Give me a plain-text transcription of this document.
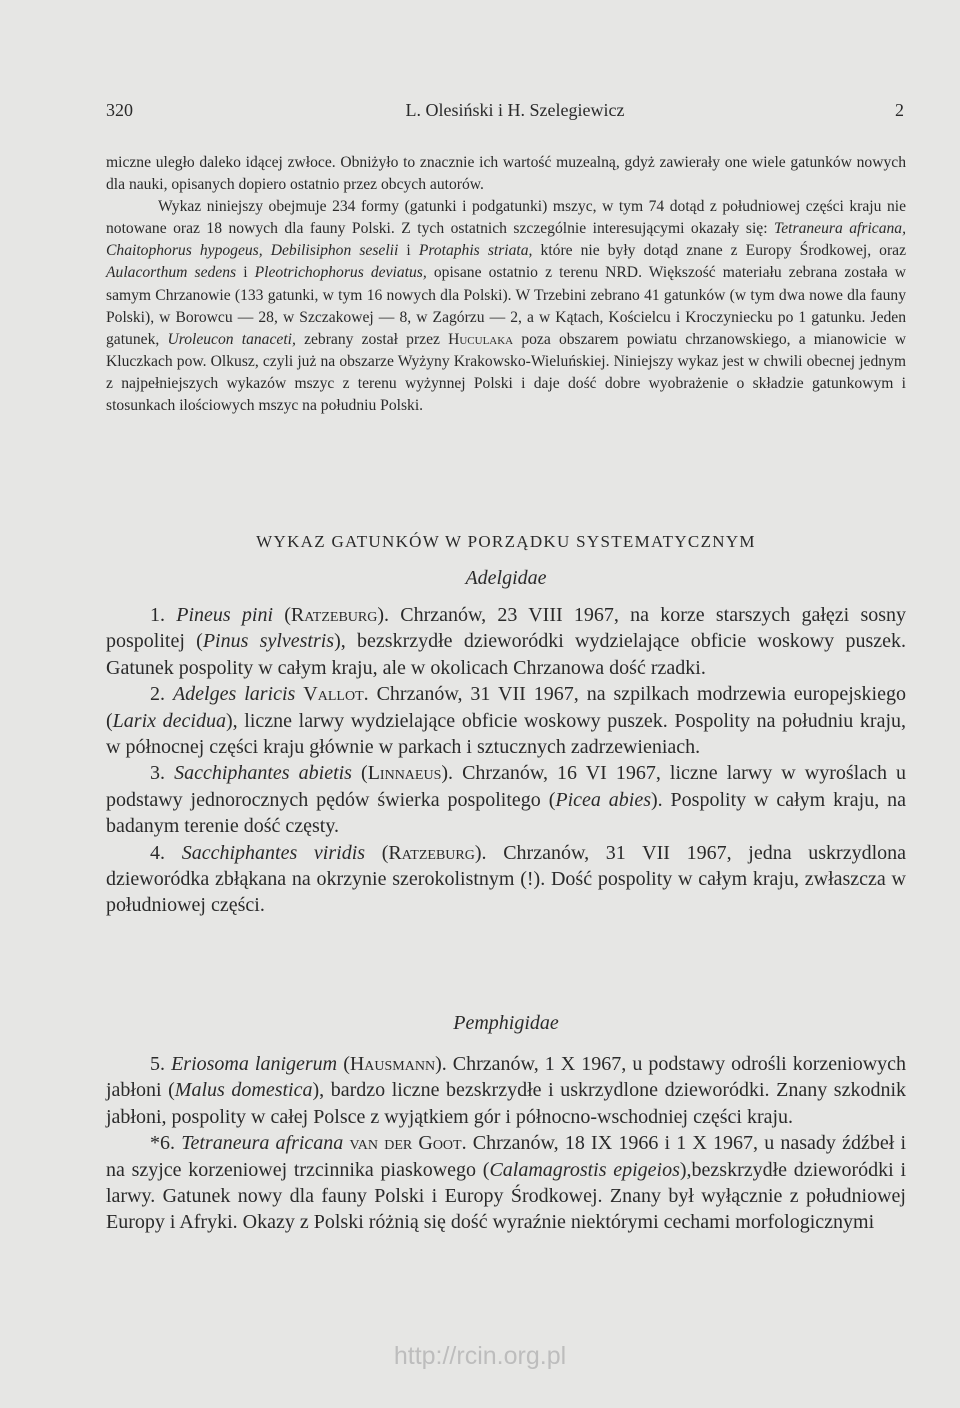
320	L. Olesiński i H. Szelegiewicz	2

miczne uległo daleko idącej zwłoce. Obniżyło to znacznie ich wartość muzealną, gdyż zawierały one wiele gatunków nowych dla nauki, opisanych dopiero ostatnio przez obcych autorów.

Wykaz niniejszy obejmuje 234 formy (gatunki i podgatunki) mszyc, w tym 74 dotąd z południowej części kraju nie notowane oraz 18 nowych dla fauny Polski. Z tych ostatnich szczególnie interesującymi okazały się: Tetraneura africana, Chaitophorus hypogeus, Debilisiphon seselii i Protaphis striata, które nie były dotąd znane z Europy Środkowej, oraz Aulacorthum sedens i Pleotrichophorus deviatus, opisane ostatnio z terenu NRD. Większość materiału zebrana została w samym Chrzanowie (133 gatunki, w tym 16 nowych dla Polski). W Trzebini zebrano 41 gatunków (w tym dwa nowe dla fauny Polski), w Borowcu — 28, w Szczakowej — 8, w Zagórzu — 2, a w Kątach, Kościelcu i Kroczyniecku po 1 gatunku. Jeden gatunek, Uroleucon tanaceti, zebrany został przez Huculaka poza obszarem powiatu chrzanowskiego, a mianowicie w Kluczkach pow. Olkusz, czyli już na obszarze Wyżyny Krakowsko-Wieluńskiej. Niniejszy wykaz jest w chwili obecnej jednym z najpełniejszych wykazów mszyc z terenu wyżynnej Polski i daje dość dobre wyobrażenie o składzie gatunkowym i stosunkach ilościowych mszyc na południu Polski.

WYKAZ GATUNKÓW W PORZĄDKU SYSTEMATYCZNYM
Adelgidae

1. Pineus pini (Ratzeburg). Chrzanów, 23 VIII 1967, na korze starszych gałęzi sosny pospolitej (Pinus sylvestris), bezskrzydłe dzieworódki wydzielające obficie woskowy puszek. Gatunek pospolity w całym kraju, ale w okolicach Chrzanowa dość rzadki.

2. Adelges laricis Vallot. Chrzanów, 31 VII 1967, na szpilkach modrzewia europejskiego (Larix decidua), liczne larwy wydzielające obficie woskowy puszek. Pospolity na południu kraju, w północnej części kraju głównie w parkach i sztucznych zadrzewieniach.

3. Sacchiphantes abietis (Linnaeus). Chrzanów, 16 VI 1967, liczne larwy w wyroślach u podstawy jednorocznych pędów świerka pospolitego (Picea abies). Pospolity w całym kraju, na badanym terenie dość częsty.

4. Sacchiphantes viridis (Ratzeburg). Chrzanów, 31 VII 1967, jedna uskrzydlona dzieworódka zbłąkana na okrzynie szerokolistnym (!). Dość pospolity w całym kraju, zwłaszcza w południowej części.

Pemphigidae

5. Eriosoma lanigerum (Hausmann). Chrzanów, 1 X 1967, u podstawy odrośli korzeniowych jabłoni (Malus domestica), bardzo liczne bezskrzydłe i uskrzydlone dzieworódki. Znany szkodnik jabłoni, pospolity w całej Polsce z wyjątkiem gór i północno-wschodniej części kraju.

*6. Tetraneura africana van der Goot. Chrzanów, 18 IX 1966 i 1 X 1967, u nasady źdźbeł i na szyjce korzeniowej trzcinnika piaskowego (Calamagrostis epigeios),bezskrzydłe dzieworódki i larwy. Gatunek nowy dla fauny Polski i Europy Środkowej. Znany był wyłącznie z południowej Europy i Afryki. Okazy z Polski różnią się dość wyraźnie niektórymi cechami morfologicznymi

http://rcin.org.pl
